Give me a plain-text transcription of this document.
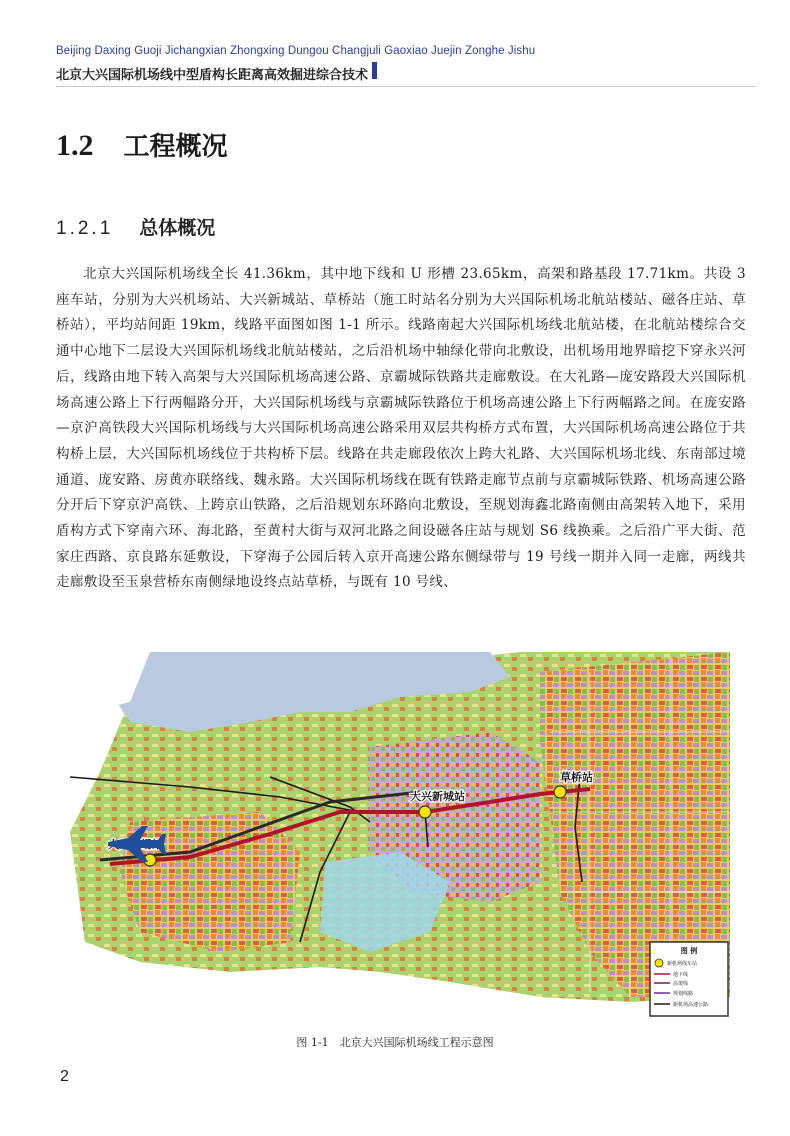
Beijing Daxing Guoji Jichangxian Zhongxing Dungou Changjuli Gaoxiao Juejin Zonghe Jishu
北京大兴国际机场线中型盾构长距离高效掘进综合技术
1.2 工程概况
1.2.1 总体概况
北京大兴国际机场线全长 41.36km，其中地下线和 U 形槽 23.65km，高架和路基段 17.71km。共设 3 座车站，分别为大兴机场站、大兴新城站、草桥站（施工时站名分别为大兴国际机场北航站楼站、磁各庄站、草桥站），平均站间距 19km，线路平面图如图 1-1 所示。线路南起大兴国际机场线北航站楼，在北航站楼综合交通中心地下二层设大兴国际机场线北航站楼站，之后沿机场中轴绿化带向北敷设，出机场用地界暗挖下穿永兴河后，线路由地下转入高架与大兴国际机场高速公路、京霸城际铁路共走廊敷设。在大礼路—庞安路段大兴国际机场高速公路上下行两幅路分开，大兴国际机场线与京霸城际铁路位于机场高速公路上下行两幅路之间。在庞安路—京沪高铁段大兴国际机场线与大兴国际机场高速公路采用双层共构桥方式布置，大兴国际机场高速公路位于共构桥上层，大兴国际机场线位于共构桥下层。线路在共走廊段依次上跨大礼路、大兴国际机场北线、东南部过境通道、庞安路、房黄亦联络线、魏永路。大兴国际机场线在既有铁路走廊节点前与京霸城际铁路、机场高速公路分开后下穿京沪高铁、上跨京山铁路，之后沿规划东环路向北敷设，至规划海鑫北路南侧由高架转入地下，采用盾构方式下穿南六环、海北路，至黄村大街与双河北路之间设磁各庄站与规划 S6 线换乘。之后沿广平大街、范家庄西路、京良路东延敷设，下穿海子公园后转入京开高速公路东侧绿带与 19 号线一期并入同一走廊，两线共走廊敷设至玉泉营桥东南侧绿地设终点站草桥，与既有 10 号线、
大兴新城站
草桥站
图 例
新机场线车站
地下线
高架线
规划线路
新机场高速公路
图 1-1　北京大兴国际机场线工程示意图
2
